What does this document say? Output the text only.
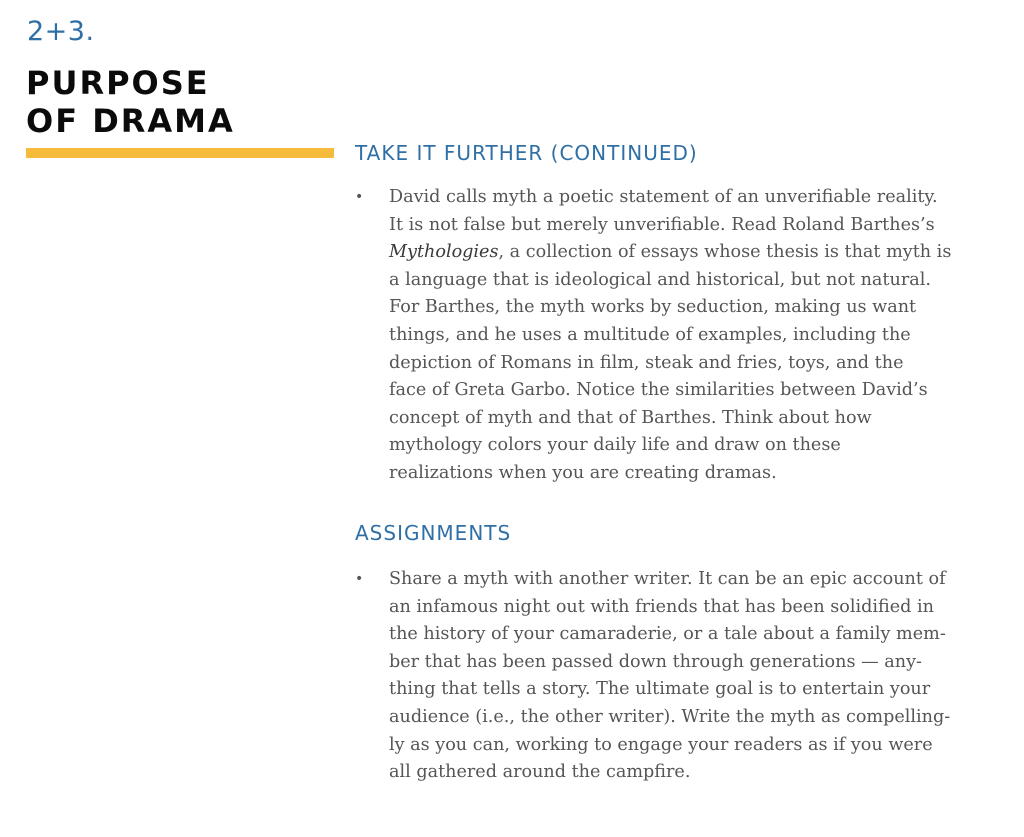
2+3.
PURPOSE
OF DRAMA
TAKE IT FURTHER (CONTINUED)
•	David calls myth a poetic statement of an unverifiable reality.
It is not false but merely unverifiable. Read Roland Barthes’s
Mythologies, a collection of essays whose thesis is that myth is
a language that is ideological and historical, but not natural.
For Barthes, the myth works by seduction, making us want
things, and he uses a multitude of examples, including the
depiction of Romans in film, steak and fries, toys, and the
face of Greta Garbo. Notice the similarities between David’s
concept of myth and that of Barthes. Think about how
mythology colors your daily life and draw on these
realizations when you are creating dramas.
ASSIGNMENTS
•	Share a myth with another writer. It can be an epic account of
an infamous night out with friends that has been solidified in
the history of your camaraderie, or a tale about a family mem-
ber that has been passed down through generations — any-
thing that tells a story. The ultimate goal is to entertain your
audience (i.e., the other writer). Write the myth as compelling-
ly as you can, working to engage your readers as if you were
all gathered around the campfire.
